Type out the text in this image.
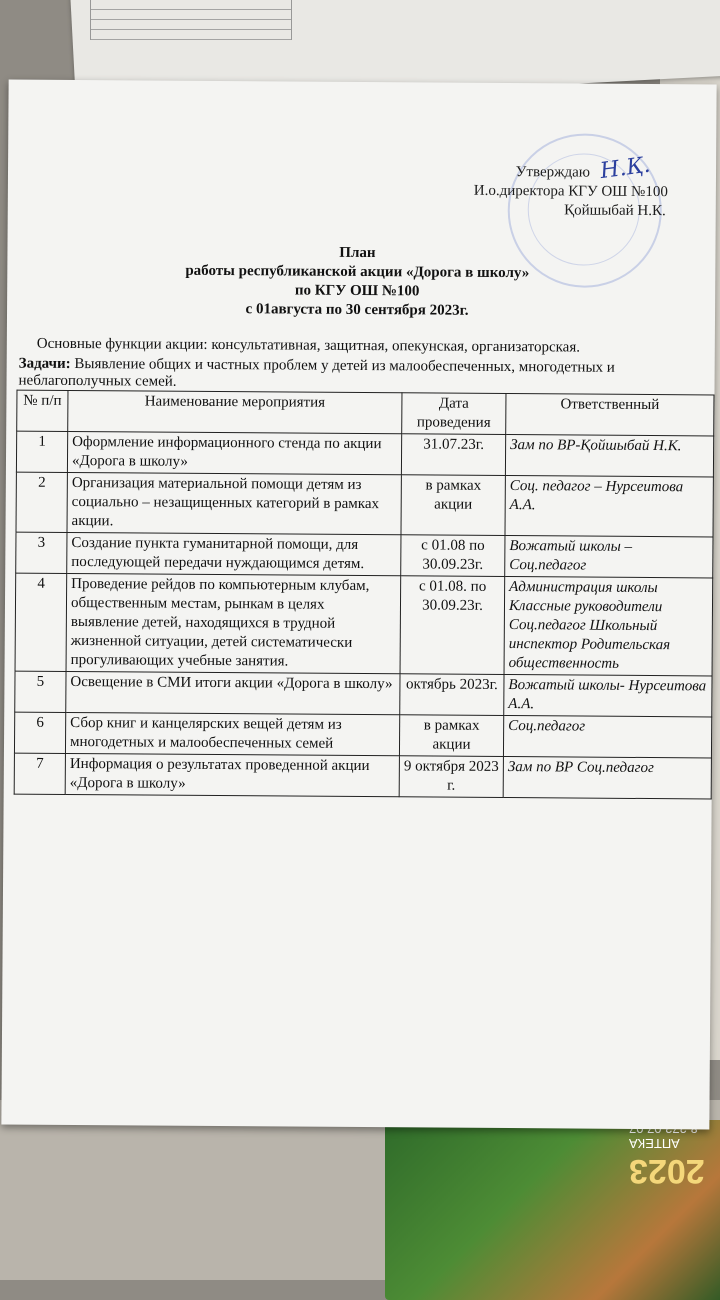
2023
АПТЕКА
Н.Қ.
Утверждаю
И.о.директора КГУ ОШ №100
Қойшыбай Н.К.
План
работы республиканской акции «Дорога в школу»
по КГУ ОШ №100
с 01августа по 30 сентября 2023г.
Основные функции акции: консультативная, защитная, опекунская, организаторская.
Задачи: Выявление общих и частных проблем у детей из малообеспеченных, многодетных и неблагополучных семей.
№ п/п	Наименование мероприятия	Дата проведения	Ответственный
1	Оформление информационного стенда по акции «Дорога в школу»	31.07.23г.	Зам по ВР-Қойшыбай Н.К.
2	Организация материальной помощи детям из социально – незащищенных категорий в рамках акции.	в рамках акции	Соц. педагог – Нурсеитова А.А.
3	Создание пункта гуманитарной помощи, для последующей передачи нуждающимся детям.	с 01.08 по 30.09.23г.	Вожатый школы – Соц.педагог
4	Проведение рейдов по компьютерным клубам, общественным местам, рынкам в целях выявление детей, находящихся в трудной жизненной ситуации, детей систематически прогуливающих учебные занятия.	с 01.08. по 30.09.23г.	Администрация школы Классные руководители Соц.педагог Школьный инспектор Родительская общественность
5	Освещение в СМИ итоги акции «Дорога в школу»	октябрь 2023г.	Вожатый школы- Нурсеитова А.А.
6	Сбор книг и канцелярских вещей детям из многодетных и малообеспеченных семей	в рамках акции	Соц.педагог
7	Информация о результатах проведенной акции «Дорога в школу»	9 октября 2023 г.	Зам по ВР Соц.педагог
